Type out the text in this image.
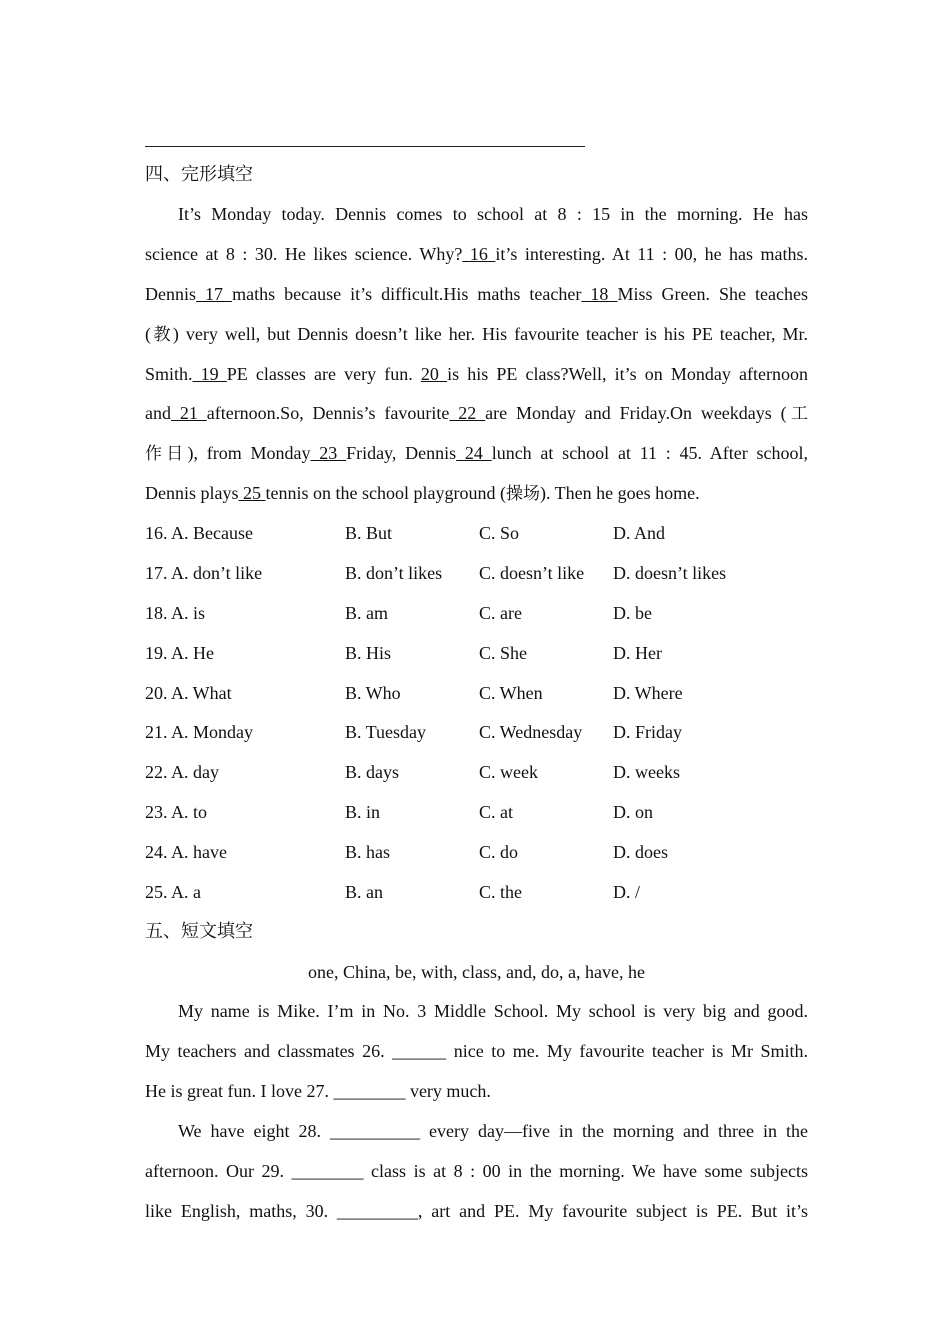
四、完形填空
It’s Monday today. Dennis comes to school at 8 : 15 in the morning. He has
science at 8 : 30. He likes science. Why? 16 it’s interesting. At 11 : 00, he has maths.
Dennis 17 maths because it’s difficult.His maths teacher 18 Miss Green. She teaches
(教) very well, but Dennis doesn’t like her. His favourite teacher is his PE teacher, Mr.
Smith. 19 PE classes are very fun. 20 is his PE class?Well, it’s on Monday afternoon
and 21 afternoon.So, Dennis’s favourite 22 are Monday and Friday.On weekdays (工
作日), from Monday 23 Friday, Dennis 24 lunch at school at 11 : 45. After school,
Dennis plays 25 tennis on the school playground (操场). Then he goes home.
16. A. Because	B. But	C. So	D. And
17. A. don’t like	B. don’t likes C. doesn’t like D. doesn’t likes
18. A. is	B. am	C. are	D. be
19. A. He	B. His	C. She	D. Her
20. A. What	B. Who	C. When	D. Where
21. A. Monday	B. Tuesday	C. Wednesday D. Friday
22. A. day	B. days	C. week	D. weeks
23. A. to	B. in	C. at	D. on
24. A. have	B. has	C. do	D. does
25. A. a	B. an	C. the	D. /
五、短文填空
one, China, be, with, class, and, do, a, have, he
My name is Mike. I’m in No. 3 Middle School. My school is very big and good.
My teachers and classmates 26. ______ nice to me. My favourite teacher is Mr Smith.
He is great fun. I love 27. ________ very much.
We have eight 28. __________ every day—five in the morning and three in the
afternoon. Our 29. ________ class is at 8 : 00 in the morning. We have some subjects
like English, maths, 30. _________, art and PE. My favourite subject is PE. But it’s
